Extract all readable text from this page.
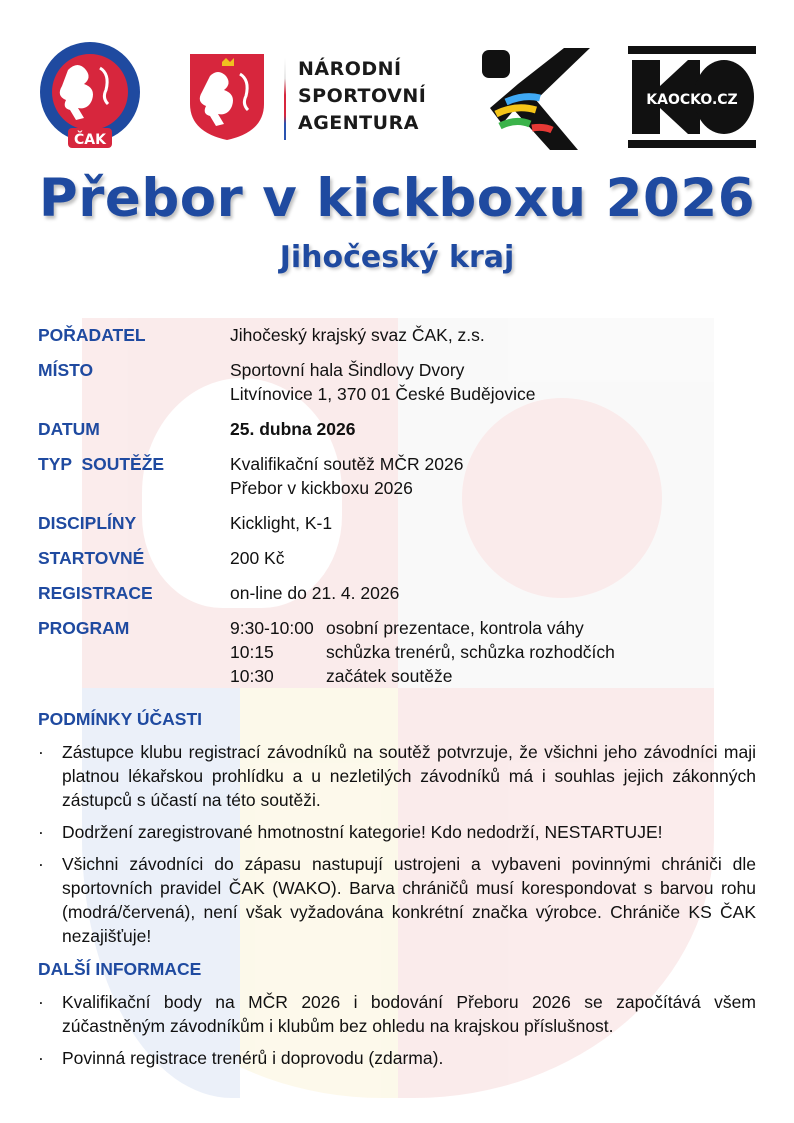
ČAK
NÁRODNÍ
SPORTOVNÍ
AGENTURA
KAOCKO.CZ
Přebor v kickboxu 2026
Jihočeský kraj
POŘADATEL	Jihočeský krajský svaz ČAK, z.s.
MÍSTO	Sportovní hala Šindlovy Dvory
Litvínovice 1, 370 01 České Budějovice
DATUM	25. dubna 2026
TYP  SOUTĚŽE	Kvalifikační soutěž MČR 2026
Přebor v kickboxu 2026
DISCIPLÍNY	Kicklight, K-1
STARTOVNÉ	200 Kč
REGISTRACE	on-line do 21. 4. 2026
PROGRAM	9:30-10:00 osobní prezentace, kontrola váhy
10:15	schůzka trenérů, schůzka rozhodčích
10:30	začátek soutěže
PODMÍNKY ÚČASTI
·	Zástupce klubu registrací závodníků na soutěž potvrzuje, že všichni jeho závodníci maji platnou lékařskou prohlídku a u nezletilých závodníků má i souhlas jejich zákonných zástupců s účastí na této soutěži.
·	Dodržení zaregistrované hmotnostní kategorie! Kdo nedodrží, NESTARTUJE!
·	Všichni závodníci do zápasu nastupují ustrojeni a vybaveni povinnými chrániči dle sportovních pravidel ČAK (WAKO). Barva chráničů musí korespondovat s barvou rohu (modrá/červená), není však vyžadována konkrétní značka výrobce. Chrániče KS ČAK nezajišťuje!
DALŠÍ INFORMACE
·	Kvalifikační body na MČR 2026 i bodování Přeboru 2026 se započítává všem zúčastněným závodníkům i klubům bez ohledu na krajskou příslušnost.
·	Povinná registrace trenérů i doprovodu (zdarma).
